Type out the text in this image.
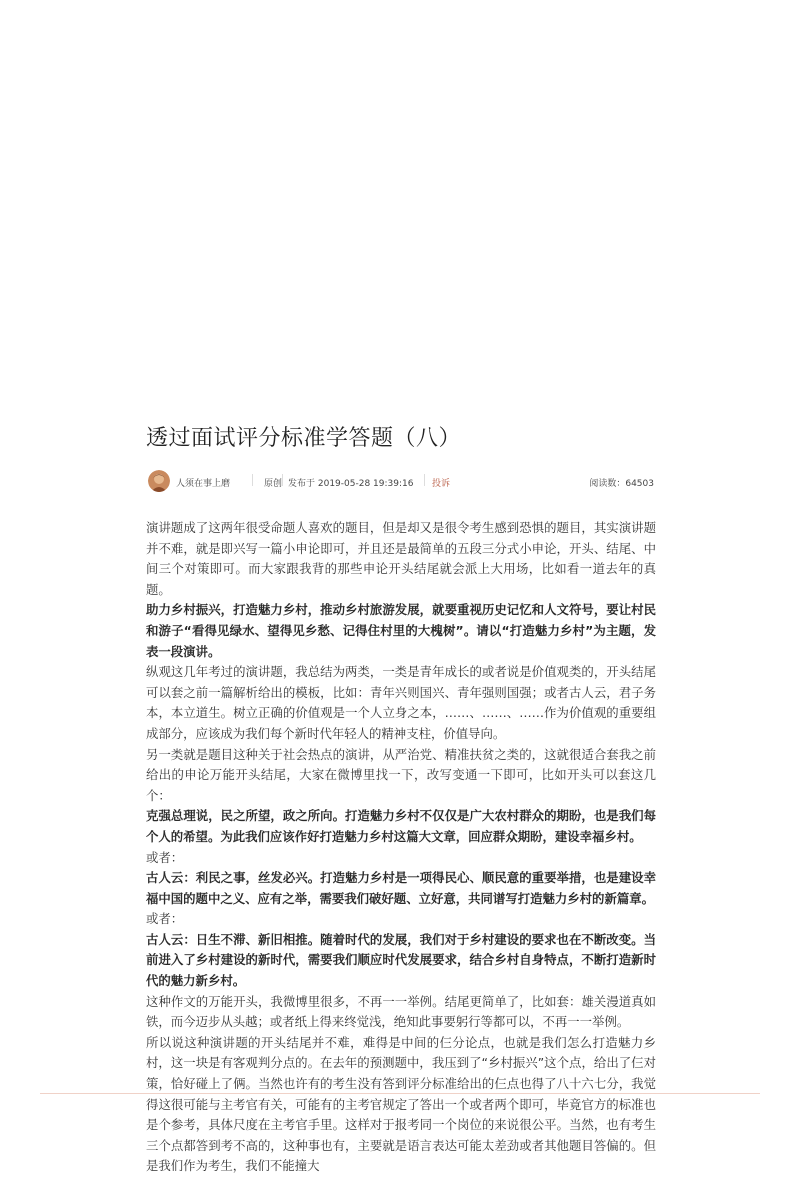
透过面试评分标准学答题（八）
人须在事上磨	原创 发布于 2019-05-28 19:39:16 投诉	阅读数：64503

演讲题成了这两年很受命题人喜欢的题目，但是却又是很令考生感到恐惧的题目，其实演讲题并不难，就是即兴写一篇小申论即可，并且还是最简单的五段三分式小申论，开头、结尾、中间三个对策即可。而大家跟我背的那些申论开头结尾就会派上大用场，比如看一道去年的真题。

助力乡村振兴，打造魅力乡村，推动乡村旅游发展，就要重视历史记忆和人文符号，要让村民和游子“看得见绿水、望得见乡愁、记得住村里的大槐树”。请以“打造魅力乡村”为主题，发表一段演讲。

纵观这几年考过的演讲题，我总结为两类，一类是青年成长的或者说是价值观类的，开头结尾可以套之前一篇解析给出的模板，比如：青年兴则国兴、青年强则国强；或者古人云，君子务本，本立道生。树立正确的价值观是一个人立身之本，……、……、……作为价值观的重要组成部分，应该成为我们每个新时代年轻人的精神支柱，价值导向。

另一类就是题目这种关于社会热点的演讲，从严治党、精准扶贫之类的，这就很适合套我之前给出的申论万能开头结尾，大家在微博里找一下，改写变通一下即可，比如开头可以套这几个：

克强总理说，民之所望，政之所向。打造魅力乡村不仅仅是广大农村群众的期盼，也是我们每个人的希望。为此我们应该作好打造魅力乡村这篇大文章，回应群众期盼，建设幸福乡村。

或者：

古人云：利民之事，丝发必兴。打造魅力乡村是一项得民心、顺民意的重要举措，也是建设幸福中国的题中之义、应有之举，需要我们破好题、立好意，共同谱写打造魅力乡村的新篇章。

或者：

古人云：日生不滞、新旧相推。随着时代的发展，我们对于乡村建设的要求也在不断改变。当前进入了乡村建设的新时代，需要我们顺应时代发展要求，结合乡村自身特点，不断打造新时代的魅力新乡村。

这种作文的万能开头，我微博里很多，不再一一举例。结尾更简单了，比如套：雄关漫道真如铁，而今迈步从头越；或者纸上得来终觉浅，绝知此事要躬行等都可以，不再一一举例。

所以说这种演讲题的开头结尾并不难，难得是中间的仨分论点，也就是我们怎么打造魅力乡村，这一块是有客观判分点的。在去年的预测题中，我压到了“乡村振兴”这个点，给出了仨对策，恰好碰上了俩。当然也许有的考生没有答到评分标准给出的仨点也得了八十六七分，我觉得这很可能与主考官有关，可能有的主考官规定了答出一个或者两个即可，毕竟官方的标准也是个参考，具体尺度在主考官手里。这样对于报考同一个岗位的来说很公平。当然，也有考生三个点都答到考不高的，这种事也有，主要就是语言表达可能太差劲或者其他题目答偏的。但是我们作为考生，我们不能撞大
